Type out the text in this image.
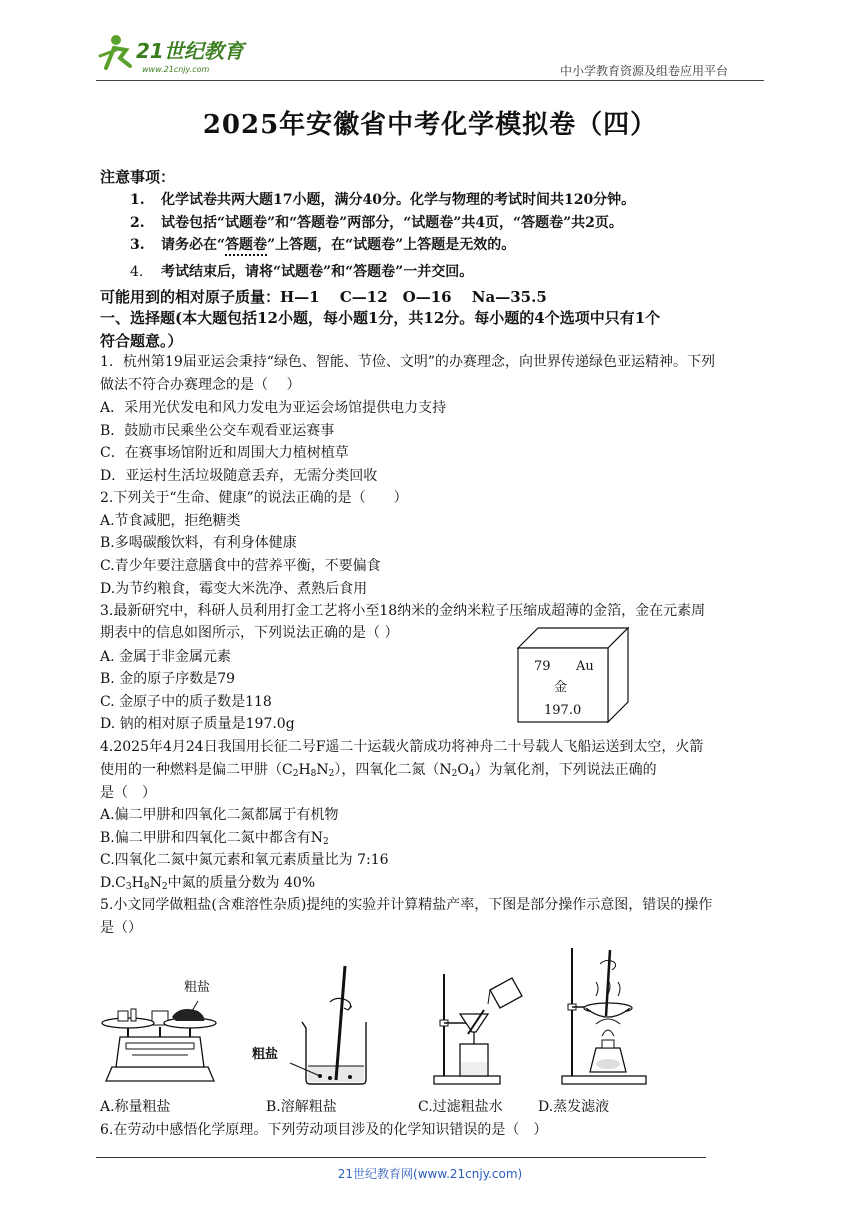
21世纪教育
www.21cnjy.com	中小学教育资源及组卷应用平台
2025年安徽省中考化学模拟卷（四）
注意事项：
1. 化学试卷共两大题17小题，满分40分。化学与物理的考试时间共120分钟。
2. 试卷包括“试题卷”和“答题卷”两部分，“试题卷”共4页，“答题卷”共2页。
3. 请务必在“答题卷”上答题，在“试题卷”上答题是无效的。
4. 考试结束后，请将“试题卷”和“答题卷”一并交回。
可能用到的相对原子质量：H—1　 C—12　O—16　 Na—35.5
一、选择题(本大题包括12小题，每小题1分，共12分。每小题的4个选项中只有1个
符合题意。）
1．杭州第19届亚运会秉持“绿色、智能、节俭、文明”的办赛理念，向世界传递绿色亚运精神。下列
做法不符合办赛理念的是（　 ）
A．采用光伏发电和风力发电为亚运会场馆提供电力支持
B．鼓励市民乘坐公交车观看亚运赛事
C．在赛事场馆附近和周围大力植树植草
D．亚运村生活垃圾随意丢弃，无需分类回收
2.下列关于“生命、健康”的说法正确的是（　　）
A.节食减肥，拒绝糖类
B.多喝碳酸饮料，有利身体健康
C.青少年要注意膳食中的营养平衡，不要偏食
D.为节约粮食，霉变大米洗净、煮熟后食用
3.最新研究中，科研人员利用打金工艺将小至18纳米的金纳米粒子压缩成超薄的金箔，金在元素周
期表中的信息如图所示，下列说法正确的是（ ）
A. 金属于非金属元素
B. 金的原子序数是79
C. 金原子中的质子数是118
D. 钠的相对原子质量是197.0g
79 Au
金
197.0
4.2025年4月24日我国用长征二号F遥二十运载火箭成功将神舟二十号载人飞船运送到太空，火箭
使用的一种燃料是偏二甲肼$(C_2H_8N_2)$，四氧化二氮$(N_2O_4)$为氧化剂，下列说法正确的
是（　）
A.偏二甲肼和四氧化二氮都属于有机物
B.偏二甲肼和四氧化二氮中都含有$N_2$
C.四氧化二氮中氮元素和氧元素质量比为 7:16
$D.C_3H_8N_2$中氮的质量分数为 40%
5.小文同学做粗盐(含难溶性杂质)提纯的实验并计算精盐产率，下图是部分操作示意图，错误的操作
是（）
粗盐
粗盐
A.称量粗盐	B.溶解粗盐	C.过滤粗盐水	D.蒸发滤液
6.在劳动中感悟化学原理。下列劳动项目涉及的化学知识错误的是（　）
21世纪教育网(www.21cnjy.com)
